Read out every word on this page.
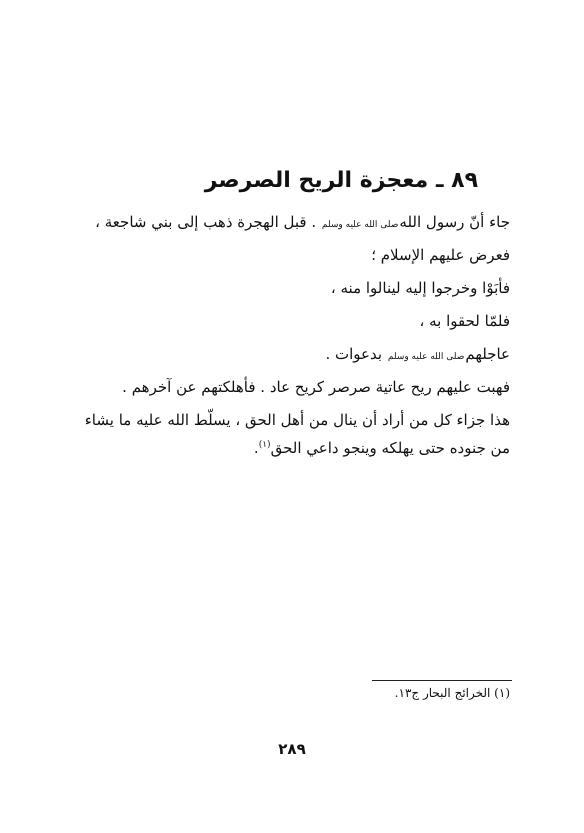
٨٩ ـ معجزة الريح الصرصر
جاء أنّ رسول اللهصلى الله عليه وسلم . قبل الهجرة ذهب إلى بني شاجعة ،
فعرض عليهم الإسلام ؛
فأبَوْا وخرجوا إليه لينالوا منه ،
فلمّا لحقوا به ،
عاجلهمصلى الله عليه وسلم بدعوات .
فهبت عليهم ريح عاتية صرصر كريح عاد . فأهلكتهم عن آخرهم .
هذا جزاء كل من أراد أن ينال من أهل الحق ، يسلّط الله عليه ما يشاء
من جنوده حتى يهلكه وينجو داعي الحق$^{(١)}$.
(١) الخرائج البحار ج١٣.
٢٨٩
